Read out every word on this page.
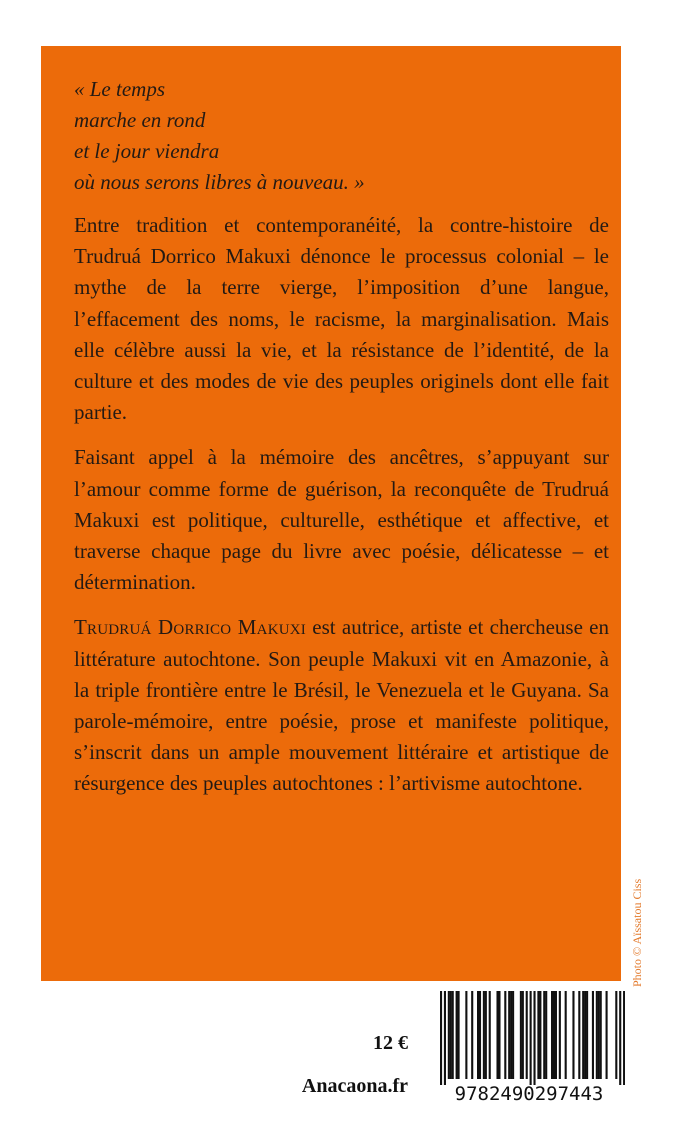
« Le temps
marche en rond
et le jour viendra
où nous serons libres à nouveau. »

Entre tradition et contemporanéité, la contre-histoire de Trudruá Dorrico Makuxi dénonce le processus colonial – le mythe de la terre vierge, l’imposition d’une langue, l’effacement des noms, le racisme, la marginalisation. Mais elle célèbre aussi la vie, et la résistance de l’identité, de la culture et des modes de vie des peuples originels dont elle fait partie.

Faisant appel à la mémoire des ancêtres, s’appuyant sur l’amour comme forme de guérison, la reconquête de Trudruá Makuxi est politique, culturelle, esthétique et affective, et traverse chaque page du livre avec poésie, délicatesse – et détermination.

Trudruá Dorrico Makuxi est autrice, artiste et chercheuse en littérature autochtone. Son peuple Makuxi vit en Amazonie, à la triple frontière entre le Brésil, le Venezuela et le Guyana. Sa parole-mémoire, entre poésie, prose et manifeste politique, s’inscrit dans un ample mouvement littéraire et artistique de résurgence des peuples autochtones : l’artivisme autochtone.

Photo © Aïssatou Ciss
12 €
Anacaona.fr	9782490297443
